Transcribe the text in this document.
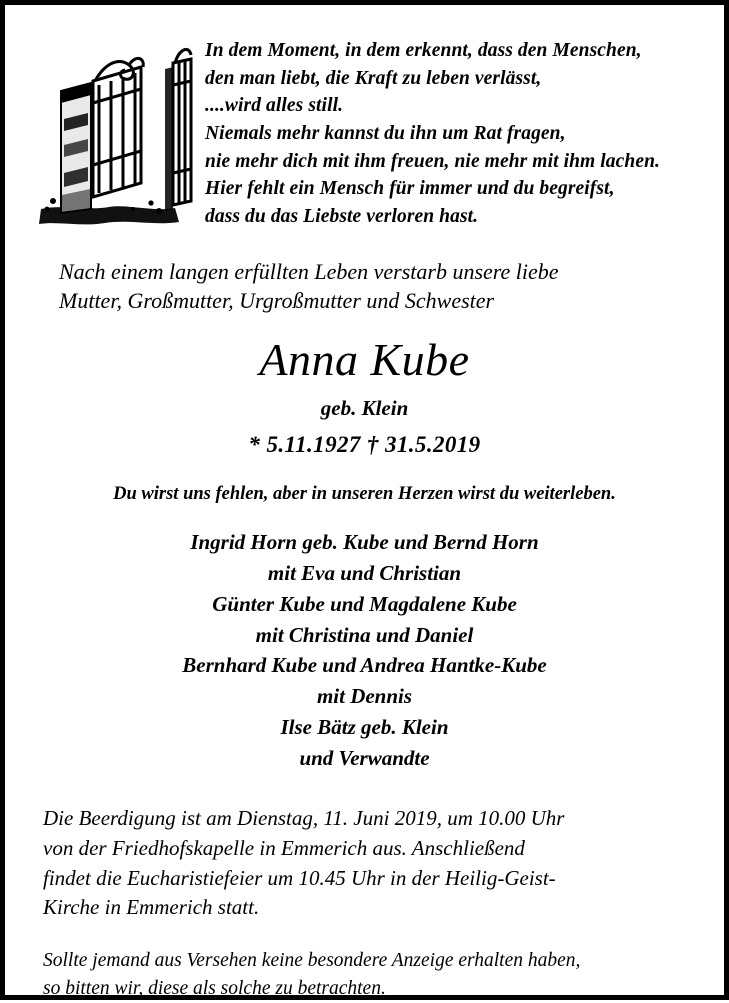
In dem Moment, in dem erkennt, dass den Menschen,
den man liebt, die Kraft zu leben verlässt,
....wird alles still.
Niemals mehr kannst du ihn um Rat fragen,
nie mehr dich mit ihm freuen, nie mehr mit ihm lachen.
Hier fehlt ein Mensch für immer und du begreifst,
dass du das Liebste verloren hast.
Nach einem langen erfüllten Leben verstarb unsere liebe
Mutter, Großmutter, Urgroßmutter und Schwester
Anna Kube
geb. Klein
* 5.11.1927 † 31.5.2019
Du wirst uns fehlen, aber in unseren Herzen wirst du weiterleben.
Ingrid Horn geb. Kube und Bernd Horn
mit Eva und Christian
Günter Kube und Magdalene Kube
mit Christina und Daniel
Bernhard Kube und Andrea Hantke-Kube
mit Dennis
Ilse Bätz geb. Klein
und Verwandte
Die Beerdigung ist am Dienstag, 11. Juni 2019, um 10.00 Uhr
von der Friedhofskapelle in Emmerich aus. Anschließend
findet die Eucharistiefeier um 10.45 Uhr in der Heilig-Geist-
Kirche in Emmerich statt.
Sollte jemand aus Versehen keine besondere Anzeige erhalten haben,
so bitten wir, diese als solche zu betrachten.
